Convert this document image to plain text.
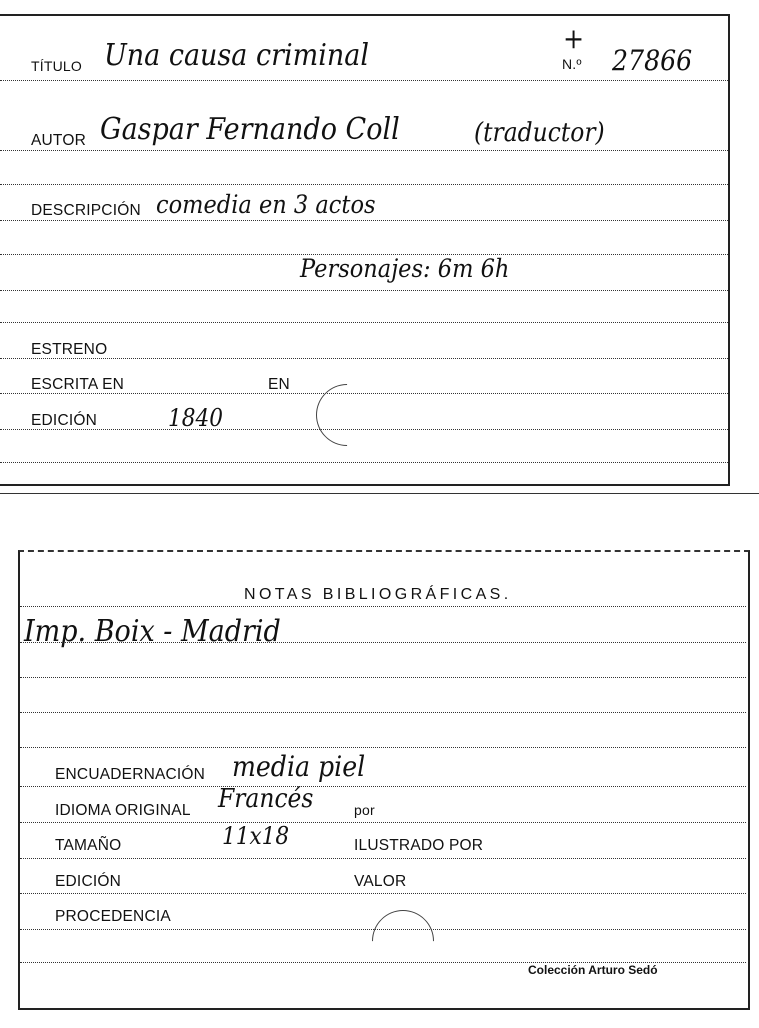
TÍTULO Una causa criminal	+
N.º 27866
AUTOR Gaspar Fernando Coll	(traductor)
DESCRIPCIÓN comedia en 3 actos
Personajes: 6m 6h
ESTRENO
ESCRITA EN	EN
EDICIÓN	1840
NOTAS BIBLIOGRÁFICAS.
Imp. Boix - Madrid
ENCUADERNACIÓN media piel
IDIOMA ORIGINAL Francés	por
TAMAÑO	11x18	ILUSTRADO POR
EDICIÓN	VALOR
PROCEDENCIA
Colección Arturo Sedó
